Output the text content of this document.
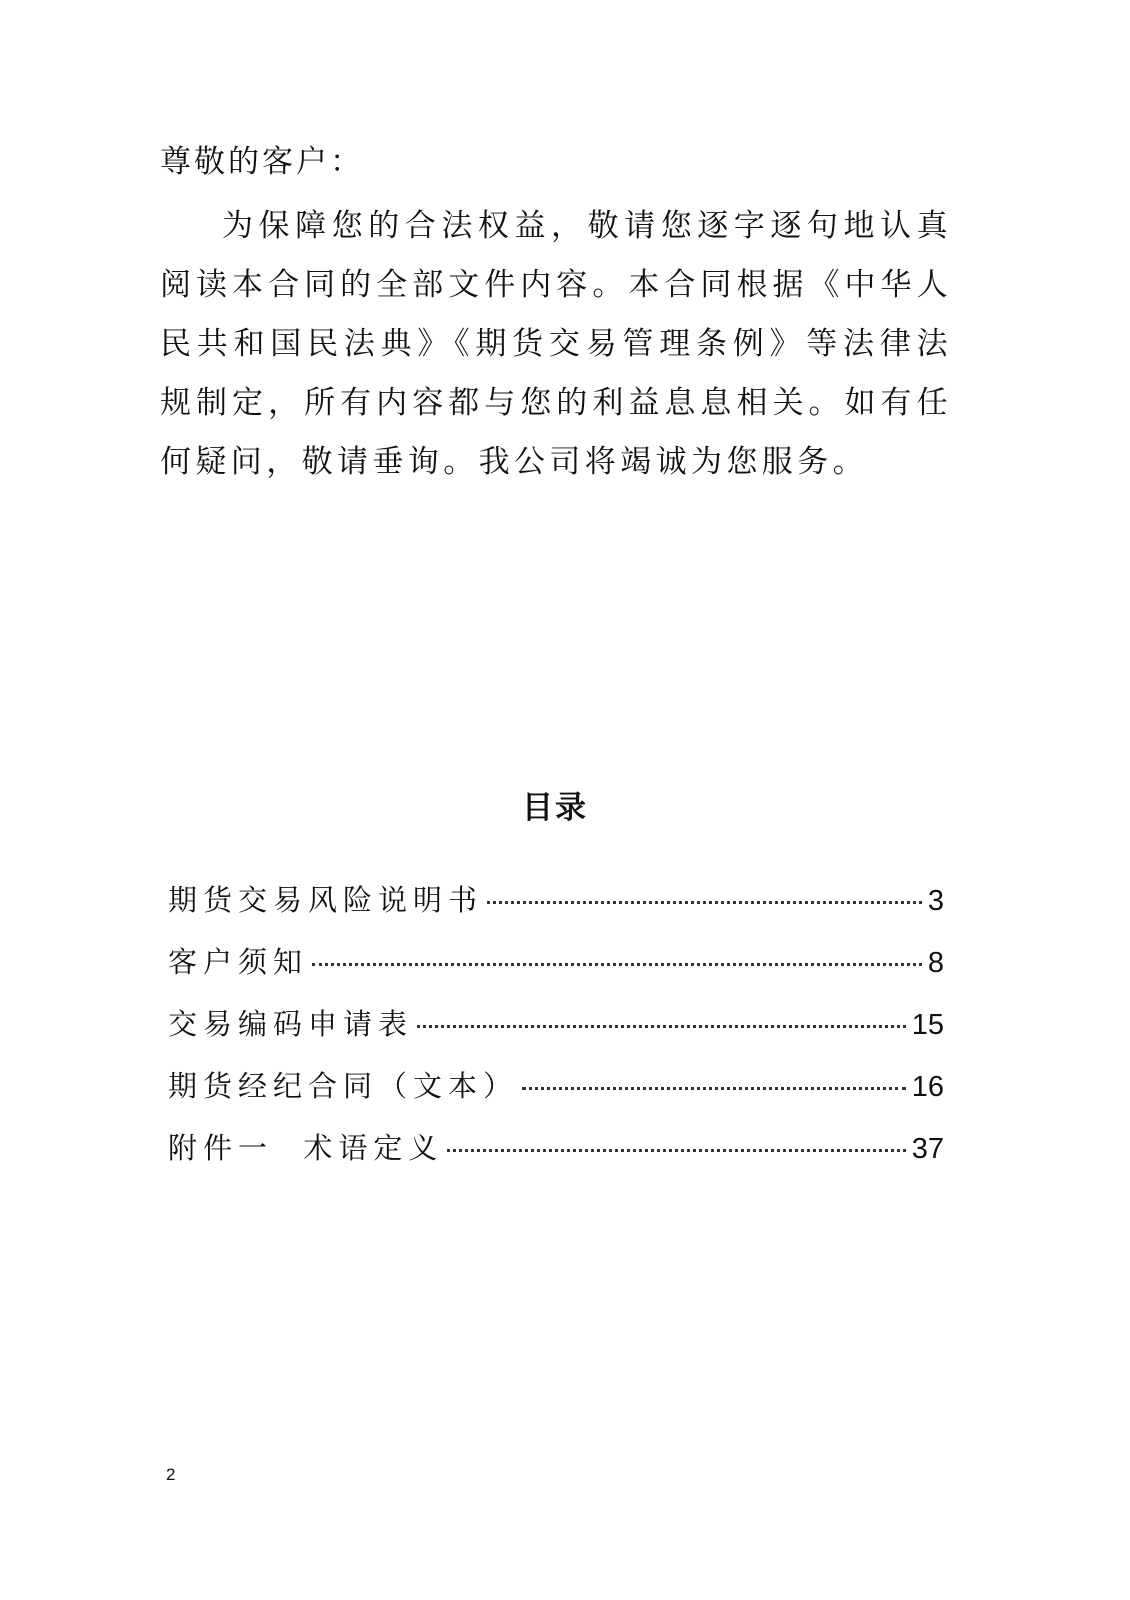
尊敬的客户：

为保障您的合法权益，敬请您逐字逐句地认真阅读本合同的全部文件内容。本合同根据《中华人民共和国民法典》《期货交易管理条例》等法律法规制定，所有内容都与您的利益息息相关。如有任何疑问，敬请垂询。我公司将竭诚为您服务。

目录
期货交易风险说明书	3
客户须知	8
交易编码申请表	15
期货经纪合同（文本）	16
附件一  术语定义	37

2
